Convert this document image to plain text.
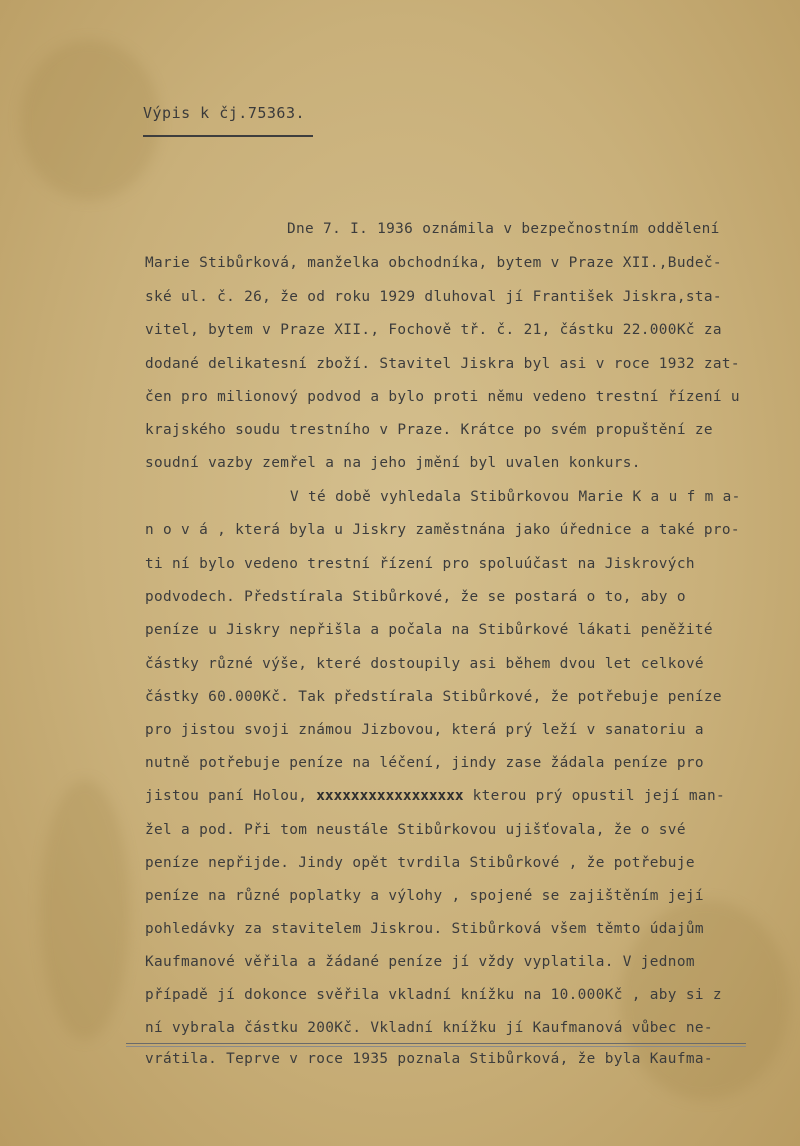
Výpis k čj.75363.
Dne 7. I. 1936 oznámila v bezpečnostním oddělení
Marie Stibůrková, manželka obchodníka, bytem v Praze XII.,Budeč-
ské ul. č. 26, že od roku 1929 dluhoval jí František Jiskra,sta-
vitel, bytem v Praze XII., Fochově tř. č. 21, částku 22.000Kč za
dodané delikatesní zboží. Stavitel Jiskra byl asi v roce 1932 zat-
čen pro milionový podvod a bylo proti němu vedeno trestní řízení u
krajského soudu trestního v Praze. Krátce po svém propuštění ze
soudní vazby zemřel a na jeho jmění byl uvalen konkurs.
V té době vyhledala Stibůrkovou Marie K a u f m a-
n o v á , která byla u Jiskry zaměstnána jako úřednice a také pro-
ti ní bylo vedeno trestní řízení pro spoluúčast na Jiskrových
podvodech. Předstírala Stibůrkové, že se postará o to, aby o
peníze u Jiskry nepřišla a počala na Stibůrkové lákati peněžité
částky různé výše, které dostoupily asi během dvou let celkové
částky 60.000Kč. Tak předstírala Stibůrkové, že potřebuje peníze
pro jistou svoji známou Jizbovou, která prý leží v sanatoriu a
nutně potřebuje peníze na léčení, jindy zase žádala peníze pro
jistou paní Holou, xxxxxxxxxxxxxxxxx kterou prý opustil její man-
žel a pod. Při tom neustále Stibůrkovou ujišťovala, že o své
peníze nepřijde. Jindy opět tvrdila Stibůrkové , že potřebuje
peníze na různé poplatky a výlohy , spojené se zajištěním její
pohledávky za stavitelem Jiskrou. Stibůrková všem těmto údajům
Kaufmanové věřila a žádané peníze jí vždy vyplatila. V jednom
případě jí dokonce svěřila vkladní knížku na 10.000Kč , aby si z
ní vybrala částku 200Kč. Vkladní knížku jí Kaufmanová vůbec ne-
vrátila. Teprve v roce 1935 poznala Stibůrková, že byla Kaufma-
